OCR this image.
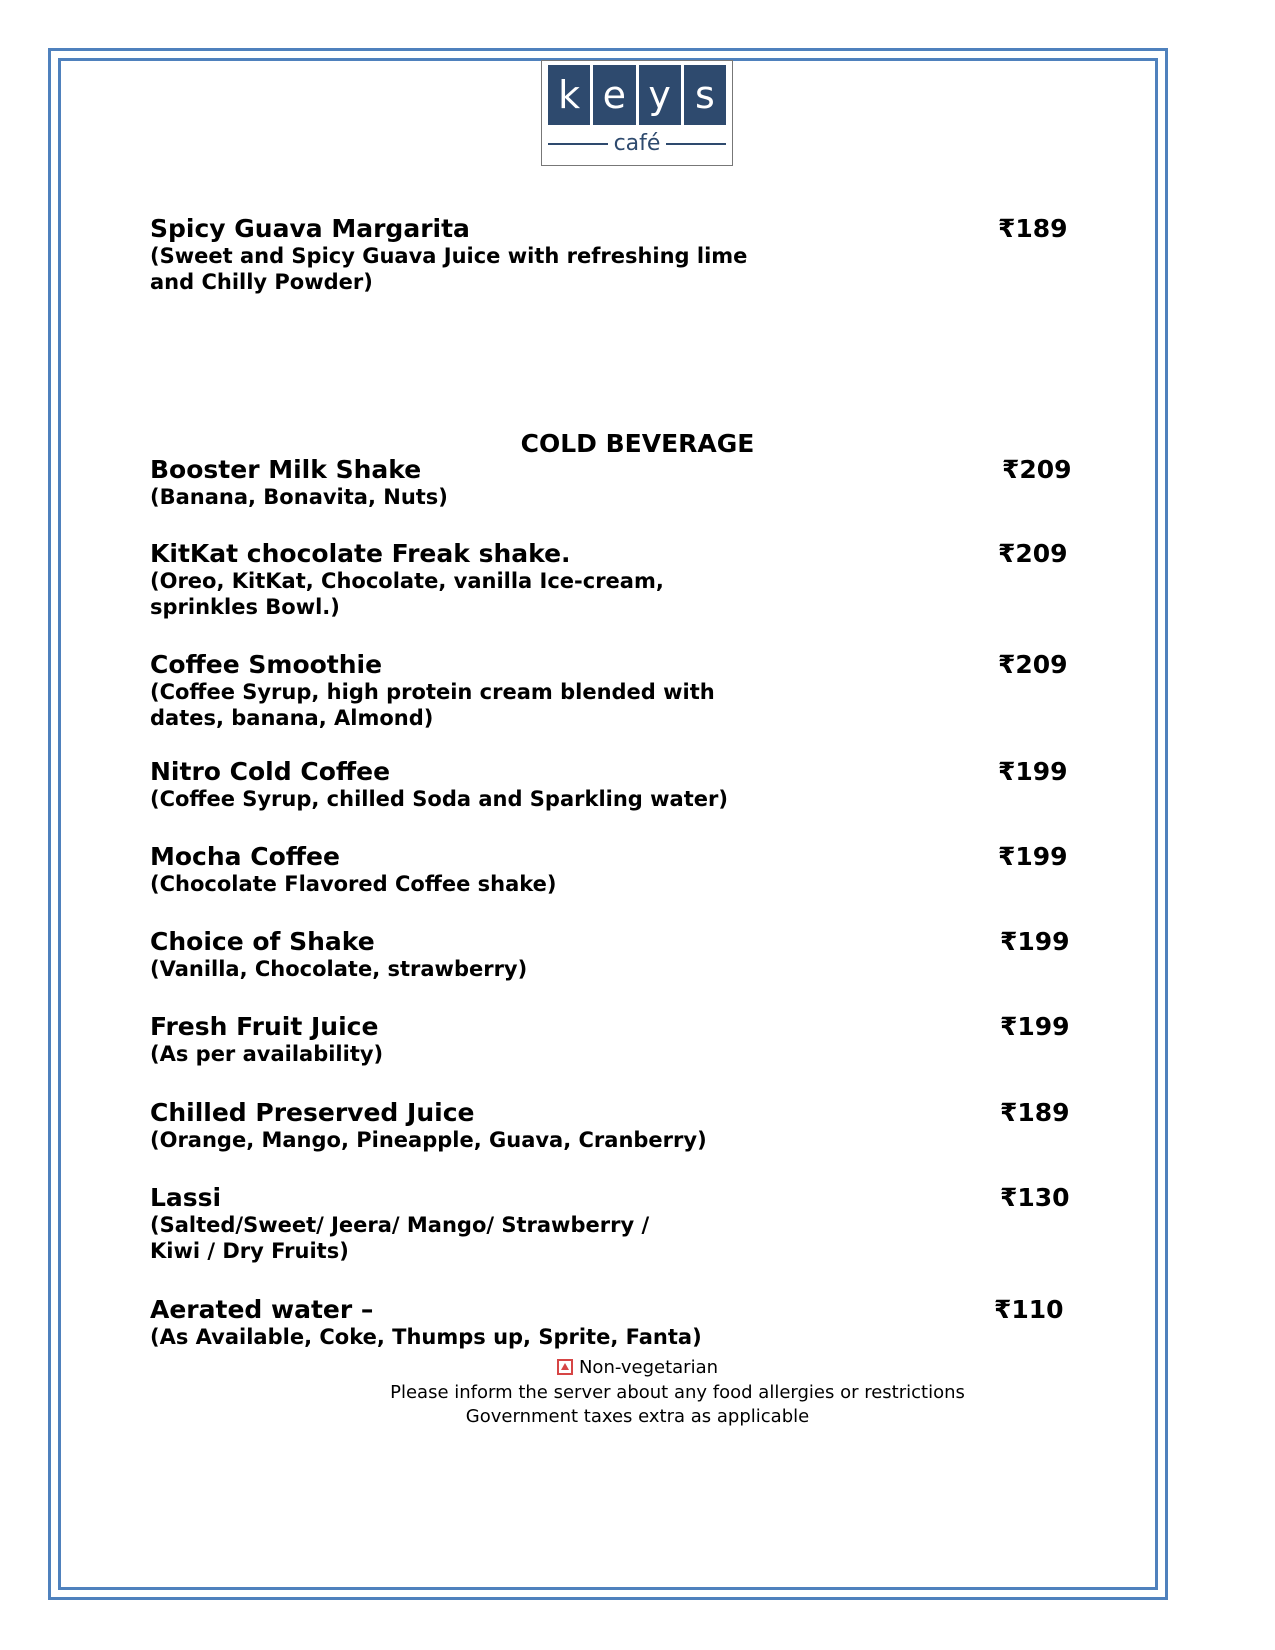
k e y s
café
Spicy Guava Margarita
(Sweet and Spicy Guava Juice with refreshing lime and Chilly Powder)
₹189
COLD BEVERAGE
Booster Milk Shake
(Banana, Bonavita, Nuts)
₹209
KitKat chocolate Freak shake.
(Oreo, KitKat, Chocolate, vanilla Ice-cream, sprinkles Bowl.)
₹209
Coffee Smoothie
(Coffee Syrup, high protein cream blended with dates, banana, Almond)
₹209
Nitro Cold Coffee
(Coffee Syrup, chilled Soda and Sparkling water)
₹199
Mocha Coffee
(Chocolate Flavored Coffee shake)
₹199
Choice of Shake
(Vanilla, Chocolate, strawberry)
₹199
Fresh Fruit Juice
(As per availability)
₹199
Chilled Preserved Juice
(Orange, Mango, Pineapple, Guava, Cranberry)
₹189
Lassi
(Salted/Sweet/ Jeera/ Mango/ Strawberry / Kiwi / Dry Fruits)
₹130
Aerated water –
(As Available, Coke, Thumps up, Sprite, Fanta)
₹110
Non-vegetarian
Please inform the server about any food allergies or restrictions
Government taxes extra as applicable
